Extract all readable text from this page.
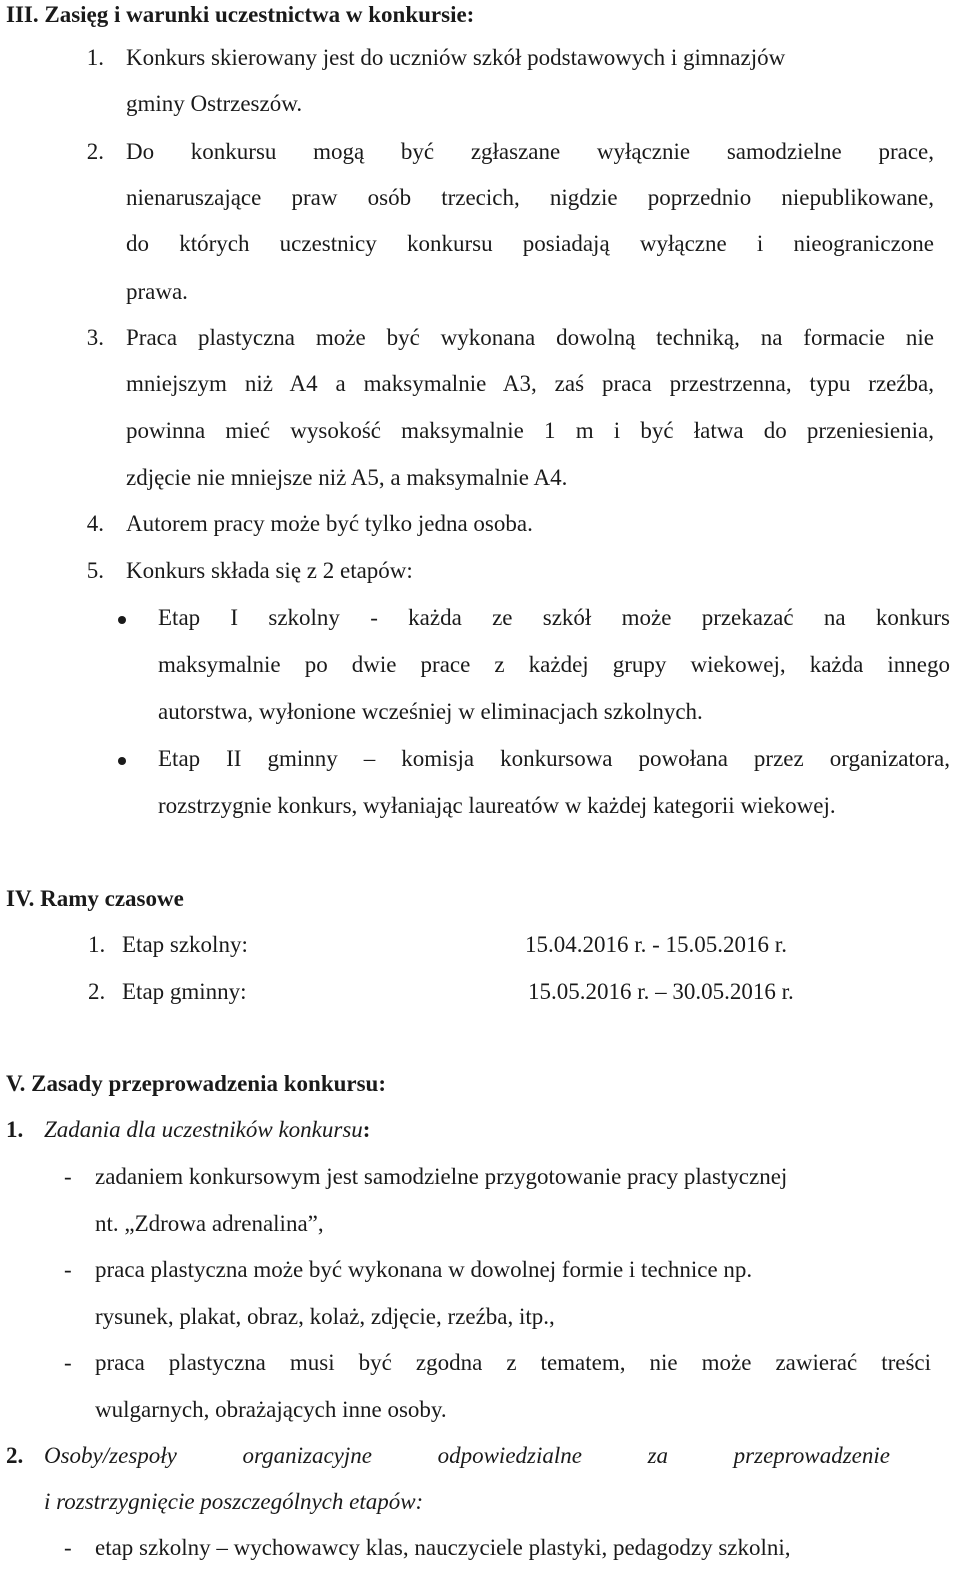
III. Zasięg i warunki uczestnictwa w konkursie:
1. Konkurs skierowany jest do uczniów szkół podstawowych i gimnazjów
gminy Ostrzeszów.
2. Do konkursu mogą być zgłaszane wyłącznie samodzielne prace,
nienaruszające praw osób trzecich, nigdzie poprzednio niepublikowane,
do których uczestnicy konkursu posiadają wyłączne i nieograniczone
prawa.
3. Praca plastyczna może być wykonana dowolną techniką, na formacie nie
mniejszym niż A4 a maksymalnie A3, zaś praca przestrzenna, typu rzeźba,
powinna mieć wysokość maksymalnie 1 m i być łatwa do przeniesienia,
zdjęcie nie mniejsze niż A5, a maksymalnie A4.
4. Autorem pracy może być tylko jedna osoba.
5. Konkurs składa się z 2 etapów:
Etap I szkolny - każda ze szkół może przekazać na konkurs
maksymalnie po dwie prace z każdej grupy wiekowej, każda innego
autorstwa, wyłonione wcześniej w eliminacjach szkolnych.
Etap II gminny – komisja konkursowa powołana przez organizatora,
rozstrzygnie konkurs, wyłaniając laureatów w każdej kategorii wiekowej.
IV. Ramy czasowe
1. Etap szkolny:	15.04.2016 r. - 15.05.2016 r.
2. Etap gminny:	15.05.2016 r. – 30.05.2016 r.
V. Zasady przeprowadzenia konkursu:
1. Zadania dla uczestników konkursu:
- zadaniem konkursowym jest samodzielne przygotowanie pracy plastycznej
nt. „Zdrowa adrenalina”,
- praca plastyczna może być wykonana w dowolnej formie i technice np.
rysunek, plakat, obraz, kolaż, zdjęcie, rzeźba, itp.,
- praca plastyczna musi być zgodna z tematem, nie może zawierać treści
wulgarnych, obrażających inne osoby.
2. Osoby/zespoły organizacyjne odpowiedzialne za przeprowadzenie
i rozstrzygnięcie poszczególnych etapów:
- etap szkolny – wychowawcy klas, nauczyciele plastyki, pedagodzy szkolni,
